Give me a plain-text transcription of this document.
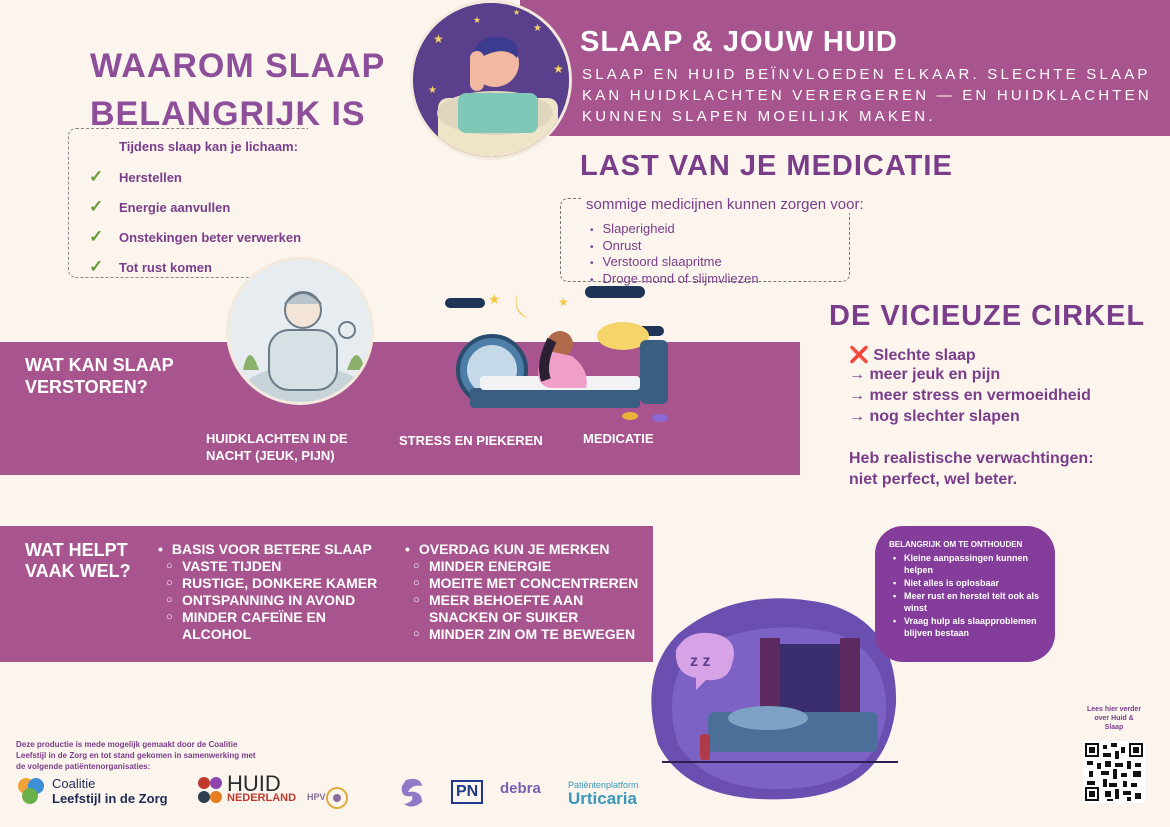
★
★
★
★
★
★
SLAAP & JOUW HUID
SLAAP EN HUID BEÏNVLOEDEN ELKAAR. SLECHTE SLAAP KAN HUIDKLACHTEN VERERGEREN — EN HUIDKLACHTEN KUNNEN SLAPEN MOEILIJK MAKEN.
WAAROM SLAAP
BELANGRIJK IS
Tijdens slaap kan je lichaam:
✓	Herstellen
✓	Energie aanvullen
✓	Onstekingen beter verwerken
✓	Tot rust komen
LAST VAN JE MEDICATIE
sommige medicijnen kunnen zorgen voor:
• Slaperigheid
• Onrust
• Verstoord slaapritme
• Droge mond of slijmvliezen
WAT KAN SLAAP
VERSTOREN?
★	★
HUIDKLACHTEN IN DE
NACHT (JEUK, PIJN)
STRESS EN PIEKEREN	MEDICATIE
DE VICIEUZE CIRKEL
❌ Slechte slaap
→ meer jeuk en pijn
→ meer stress en vermoeidheid
→ nog slechter slapen
Heb realistische verwachtingen:
niet perfect, wel beter.
WAT HELPT
VAAK WEL?
• BASIS VOOR BETERE SLAAP
○ VASTE TIJDEN
○ RUSTIGE, DONKERE KAMER
○ ONTSPANNING IN AVOND
○ MINDER CAFEÏNE EN ALCOHOL
• OVERDAG KUN JE MERKEN
○ MINDER ENERGIE
○ MOEITE MET CONCENTREREN
○ MEER BEHOEFTE AAN SNACKEN OF SUIKER
○ MINDER ZIN OM TE BEWEGEN
z z
BELANGRIJK OM TE ONTHOUDEN
• Kleine aanpassingen kunnen helpen
• Niet alles is oplosbaar
• Meer rust en herstel telt ook als winst
• Vraag hulp als slaapproblemen blijven bestaan
Deze productie is mede mogelijk gemaakt door de Coalitie Leefstijl in de Zorg en tot stand gekomen in samenwerking met de volgende patiëntenorganisaties:
Coalitie
Leefstijl in de Zorg
HUID
NEDERLAND HPV	PN	debra	Patiëntenplatform
Urticaria
Lees hier verder over Huid & Slaap
